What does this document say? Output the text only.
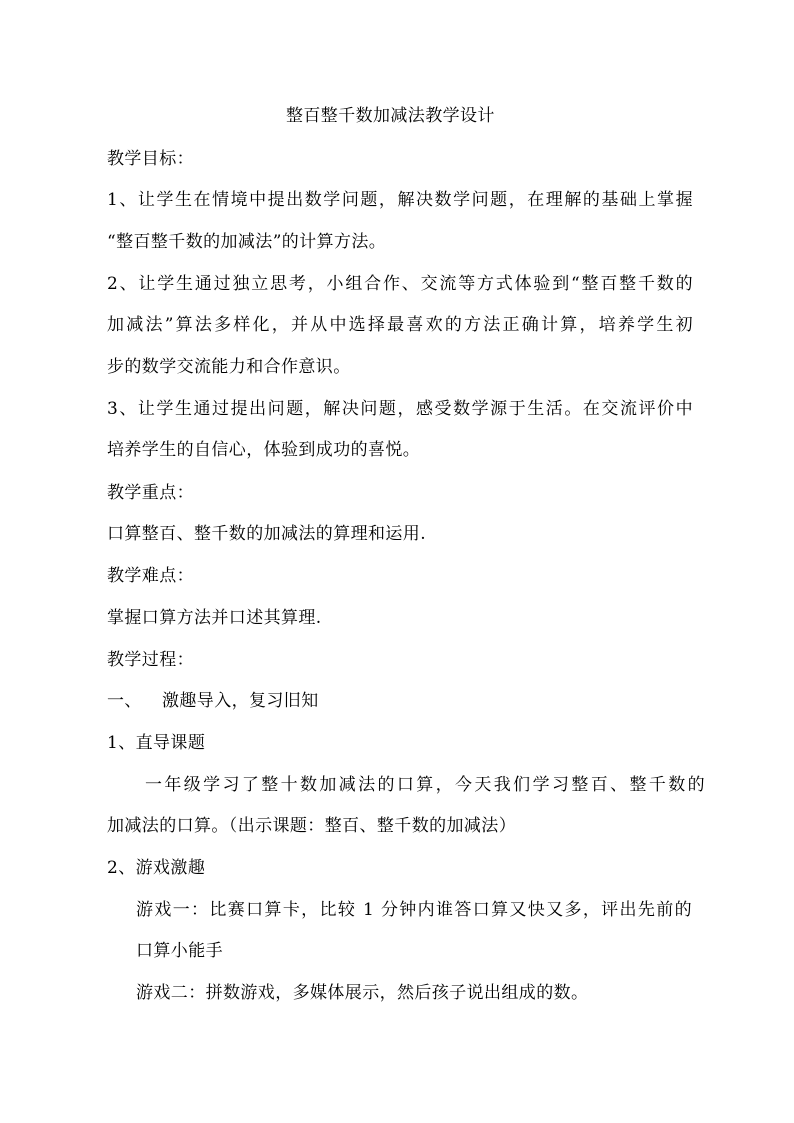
整百整千数加减法教学设计
教学目标：
1、让学生在情境中提出数学问题，解决数学问题，在理解的基础上掌握
“整百整千数的加减法”的计算方法。
2、让学生通过独立思考，小组合作、交流等方式体验到“整百整千数的
加减法”算法多样化，并从中选择最喜欢的方法正确计算，培养学生初
步的数学交流能力和合作意识。
3、让学生通过提出问题，解决问题，感受数学源于生活。在交流评价中
培养学生的自信心，体验到成功的喜悦。
教学重点：
口算整百、整千数的加减法的算理和运用.
教学难点：
掌握口算方法并口述其算理.
教学过程：
一、 激趣导入，复习旧知
1、直导课题
一年级学习了整十数加减法的口算，今天我们学习整百、整千数的
加减法的口算。（出示课题：整百、整千数的加减法）
2、游戏激趣
游戏一：比赛口算卡，比较 1 分钟内谁答口算又快又多，评出先前的
口算小能手
游戏二：拼数游戏，多媒体展示，然后孩子说出组成的数。
